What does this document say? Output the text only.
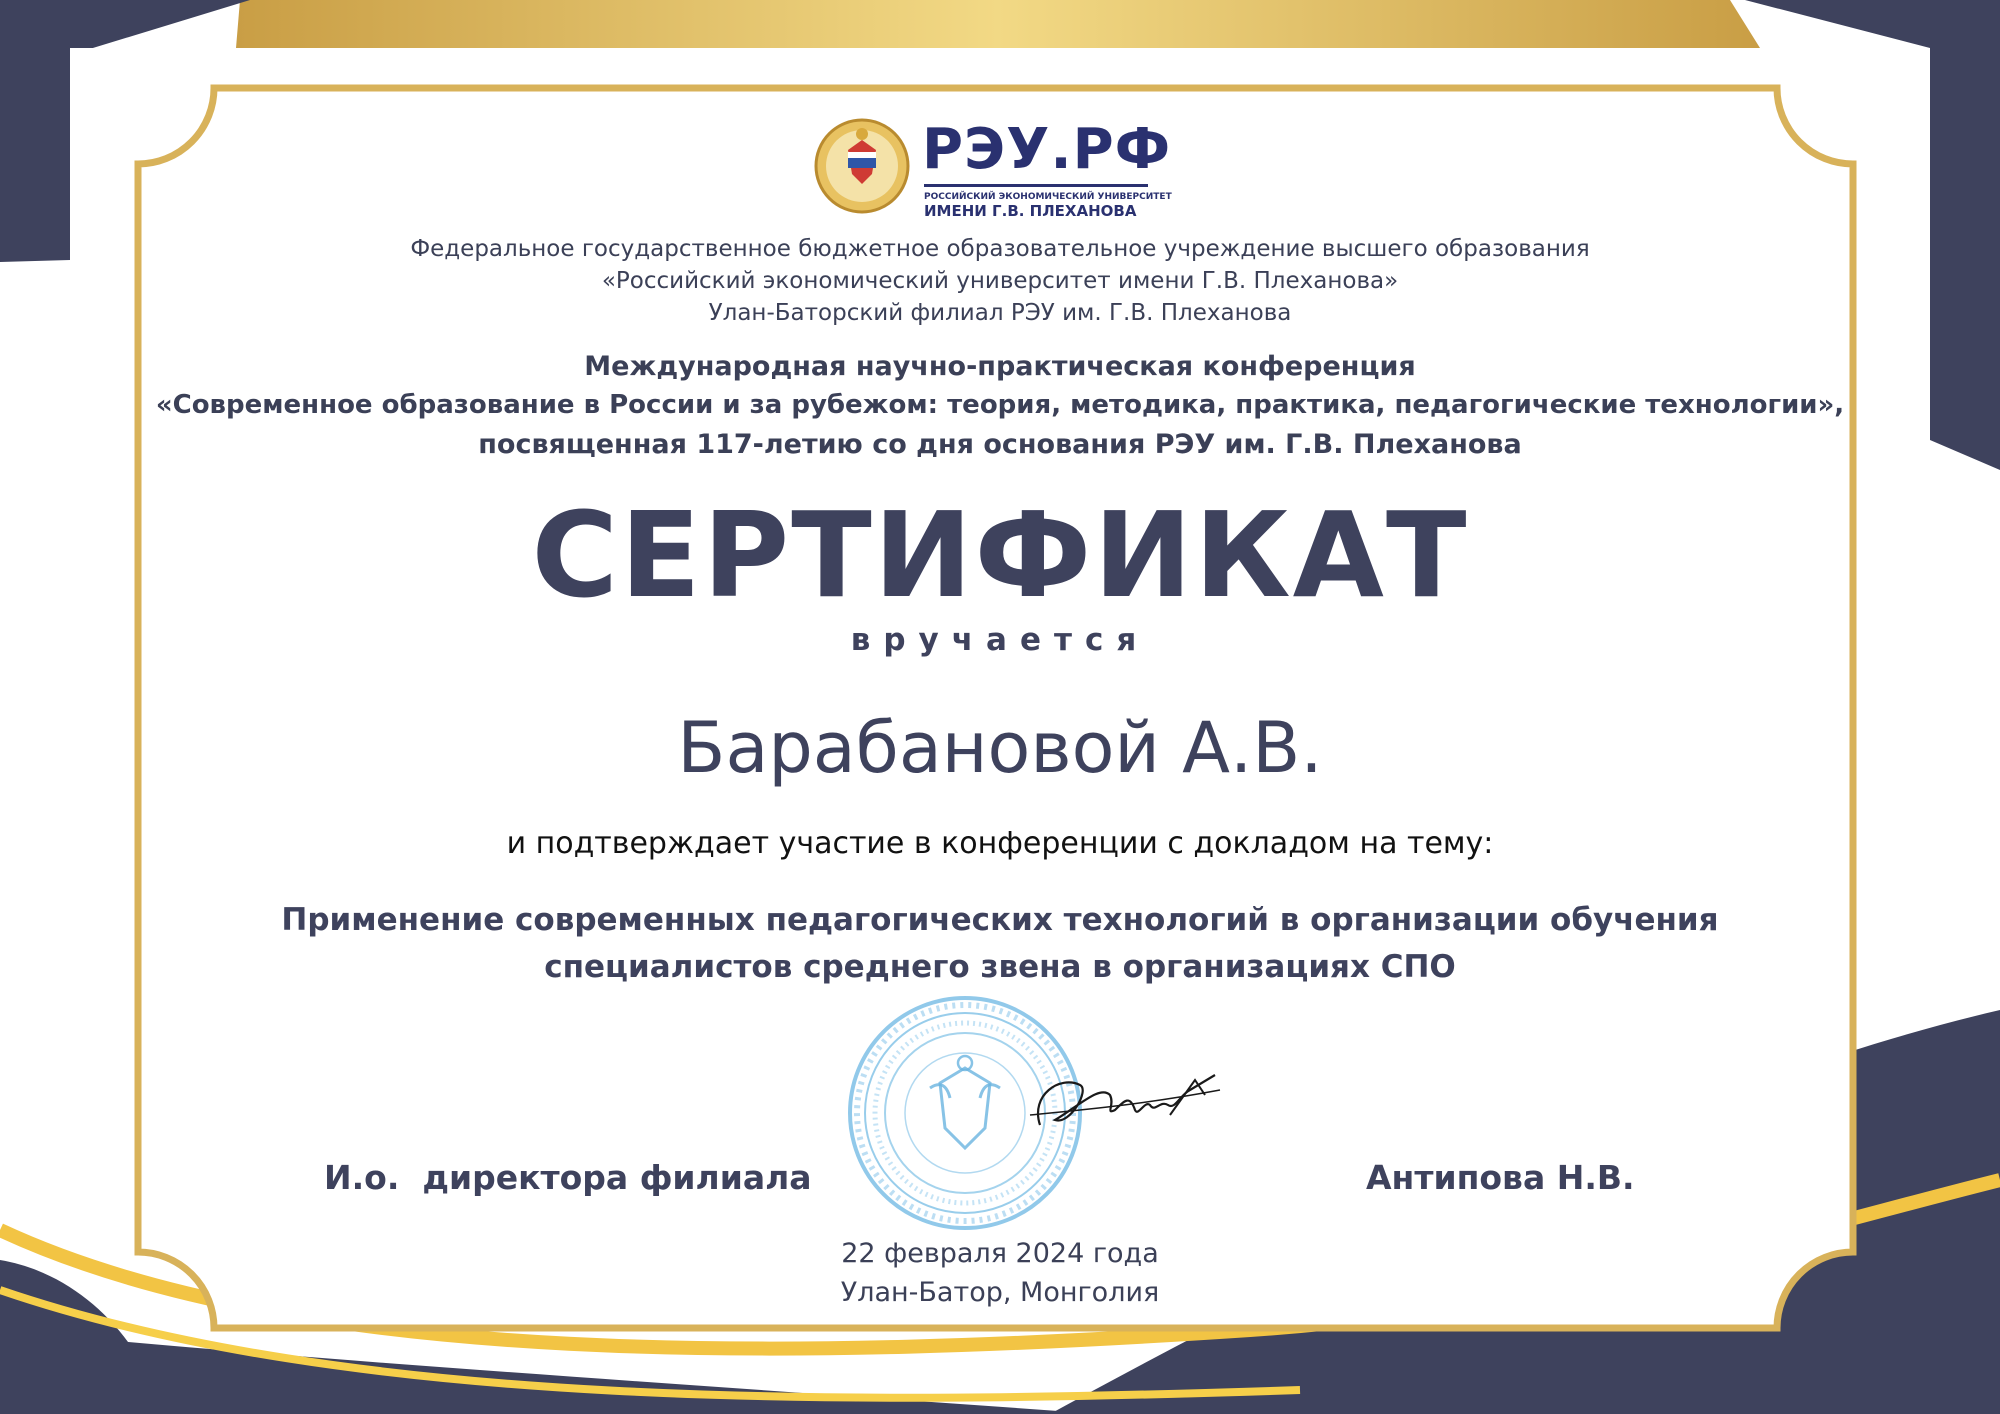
РЭУ.РФ
РОССИЙСКИЙ ЭКОНОМИЧЕСКИЙ УНИВЕРСИТЕТ
ИМЕНИ Г.В. ПЛЕХАНОВА
Федеральное государственное бюджетное образовательное учреждение высшего образования
«Российский экономический университет имени Г.В. Плеханова»
Улан-Баторский филиал РЭУ им. Г.В. Плеханова
Международная научно-практическая конференция
«Современное образование в России и за рубежом: теория, методика, практика, педагогические технологии»,
посвященная 117-летию со дня основания РЭУ им. Г.В. Плеханова
СЕРТИФИКАТ
вручается
Барабановой А.В.
и подтверждает участие в конференции с докладом на тему:
Применение современных педагогических технологий в организации обучения
специалистов среднего звена в организациях СПО
И.о.  директора филиала	Антипова Н.В.
22 февраля 2024 года
Улан-Батор, Монголия
